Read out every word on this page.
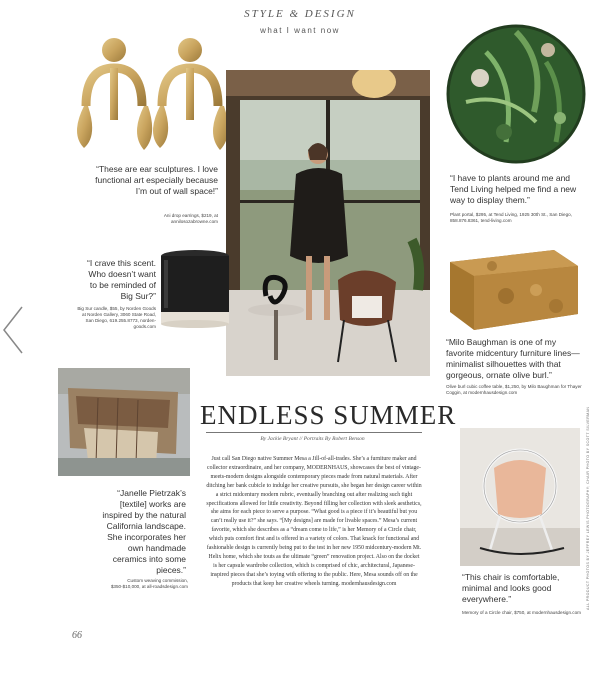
STYLE & DESIGN
what I want now
“These are ear sculptures. I love functional art especially because I’m out of wall space!”
Ani drop earrings, $219, at annilosozabrowne.com
“I have to plants around me and Tend Living helped me find a new way to display them.”
Plant portal, $295, at Tend Living, 1925 30th St., San Diego, 858.876.8361, tend-living.com
“I crave this scent. Who doesn’t want to be reminded of Big Sur?”
Big Sur candle, $55, by Norden Goods at Norden Gallery, 3060 State Road, San Diego, 619.255.8773, norden-goods.com
“Milo Baughman is one of my favorite midcentury furniture lines—minimalist silhouettes with that gorgeous, ornate olive burl.”
Olive burl cubic coffee table, $1,250, by Milo Baughman for Thayer Coggin, at modernhausdesign.com
“Janelle Pietrzak’s [textile] works are inspired by the natural California landscape. She incorporates her own handmade ceramics into some pieces.”
Custom weaving commission, $350-$10,000, at all-roadsdesign.com
ENDLESS SUMMER
By Jackie Bryant // Portraits By Robert Benson
Just call San Diego native Summer Mesa a Jill-of-all-trades. She’s a furniture maker and collector extraordinaire, and her company, MODERNHAUS, showcases the best of vintage-meets-modern designs alongside contemporary pieces made from natural materials. After ditching her bank cubicle to indulge her creative pursuits, she began her design career within a strict midcentury modern rubric, eventually branching out after realizing such tight specifications allowed for little creativity. Beyond filling her collection with sleek aesthetics, she aims for each piece to serve a purpose. “What good is a piece if it’s beautiful but you can’t really use it?” she says. “[My designs] are made for livable spaces.” Mesa’s current favorite, which she describes as a “dream come to life,” is her Memory of a Circle chair, which puts comfort first and is offered in a variety of colors. That knack for functional and fashionable design is currently being put to the test in her new 1950 midcentury-modern Mt. Helix home, which she touts as the ultimate “green” renovation project. Also on the docket is her capsule wardrobe collection, which is comprised of chic, architectural, Japanese-inspired pieces that she’s toying with offering to the public. Here, Mesa sounds off on the products that keep her creative wheels turning. modernhausdesign.com
“This chair is comfortable, minimal and looks good everywhere.”
Memory of a Circle chair, $750, at modernhausdesign.com
ALL PRODUCT PHOTOS BY JEFFREY LEWIS PHOTOGRAPHY; CHAIR PHOTO BY SCOTT SILVERMAN
66
